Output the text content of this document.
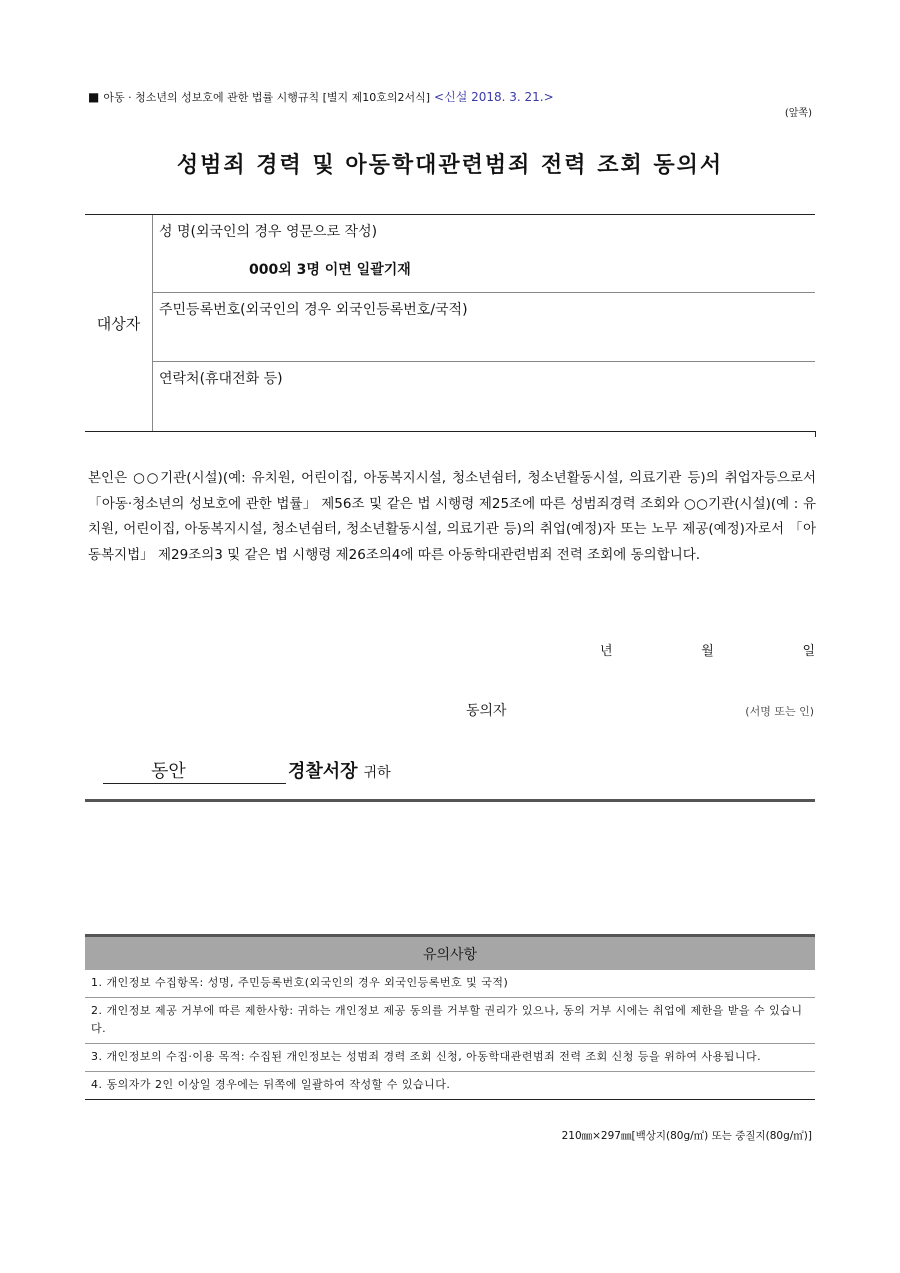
■ 아동 · 청소년의 성보호에 관한 법률 시행규칙 [별지 제10호의2서식] <신설 2018. 3. 21.>
(앞쪽)
성범죄 경력 및 아동학대관련범죄 전력 조회 동의서
대상자
성 명(외국인의 경우 영문으로 작성)
000외 3명 이면 일괄기재
주민등록번호(외국인의 경우 외국인등록번호/국적)
연락처(휴대전화 등)
본인은 ○○기관(시설)(예: 유치원, 어린이집, 아동복지시설, 청소년쉼터, 청소년활동시설, 의료기관 등)의 취업자등으로서「아동·청소년의 성보호에 관한 법률」 제56조 및 같은 법 시행령 제25조에 따른 성범죄경력 조회와 ○○기관(시설)(예 : 유치원, 어린이집, 아동복지시설, 청소년쉼터, 청소년활동시설, 의료기관 등)의 취업(예정)자 또는 노무 제공(예정)자로서 「아동복지법」 제29조의3 및 같은 법 시행령 제26조의4에 따른 아동학대관련범죄 전력 조회에 동의합니다.
년	월	일
동의자	(서명 또는 인)
동안	경찰서장 귀하
유의사항
1. 개인정보 수집항목: 성명, 주민등록번호(외국인의 경우 외국인등록번호 및 국적)
2. 개인정보 제공 거부에 따른 제한사항: 귀하는 개인정보 제공 동의를 거부할 권리가 있으나, 동의 거부 시에는 취업에 제한을 받을 수 있습니다.
3. 개인정보의 수집·이용 목적: 수집된 개인정보는 성범죄 경력 조회 신청, 아동학대관련범죄 전력 조회 신청 등을 위하여 사용됩니다.
4. 동의자가 2인 이상일 경우에는 뒤쪽에 일괄하여 작성할 수 있습니다.
210㎜×297㎜[백상지(80g/㎡) 또는 중질지(80g/㎡)]
